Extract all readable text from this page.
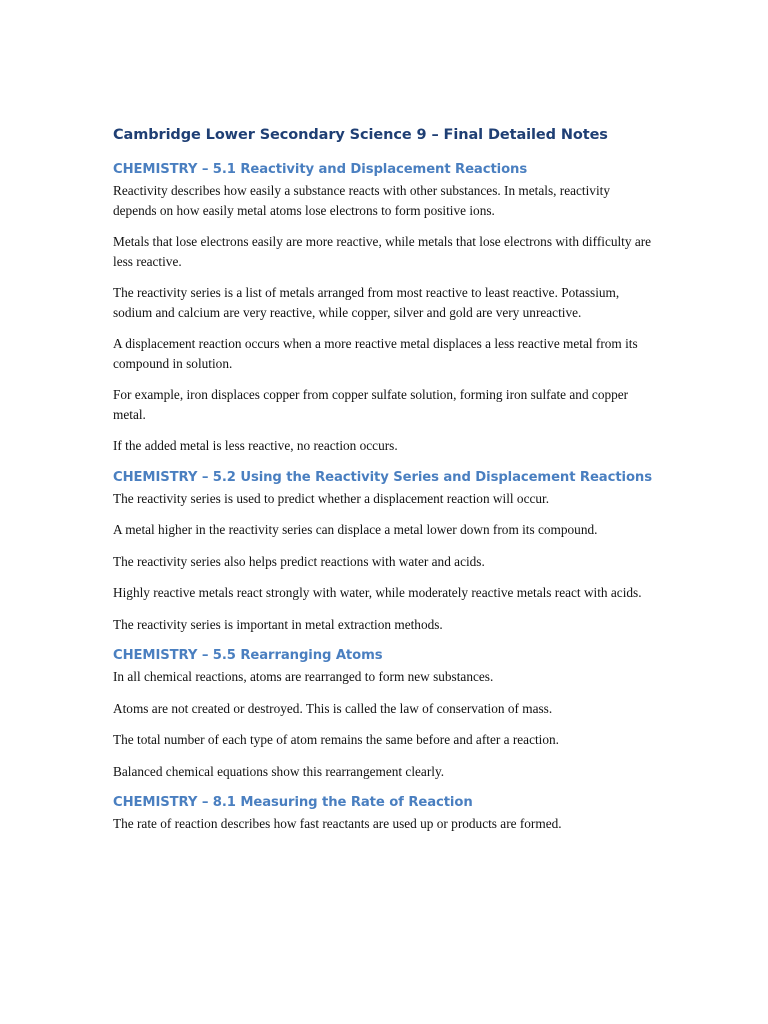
Cambridge Lower Secondary Science 9 – Final Detailed Notes
CHEMISTRY – 5.1 Reactivity and Displacement Reactions

Reactivity describes how easily a substance reacts with other substances. In metals, reactivity depends on how easily metal atoms lose electrons to form positive ions.

Metals that lose electrons easily are more reactive, while metals that lose electrons with difficulty are less reactive.

The reactivity series is a list of metals arranged from most reactive to least reactive. Potassium, sodium and calcium are very reactive, while copper, silver and gold are very unreactive.

A displacement reaction occurs when a more reactive metal displaces a less reactive metal from its compound in solution.

For example, iron displaces copper from copper sulfate solution, forming iron sulfate and copper metal.

If the added metal is less reactive, no reaction occurs.

CHEMISTRY – 5.2 Using the Reactivity Series and Displacement Reactions

The reactivity series is used to predict whether a displacement reaction will occur.

A metal higher in the reactivity series can displace a metal lower down from its compound.

The reactivity series also helps predict reactions with water and acids.

Highly reactive metals react strongly with water, while moderately reactive metals react with acids.

The reactivity series is important in metal extraction methods.

CHEMISTRY – 5.5 Rearranging Atoms

In all chemical reactions, atoms are rearranged to form new substances.

Atoms are not created or destroyed. This is called the law of conservation of mass.

The total number of each type of atom remains the same before and after a reaction.

Balanced chemical equations show this rearrangement clearly.

CHEMISTRY – 8.1 Measuring the Rate of Reaction

The rate of reaction describes how fast reactants are used up or products are formed.
